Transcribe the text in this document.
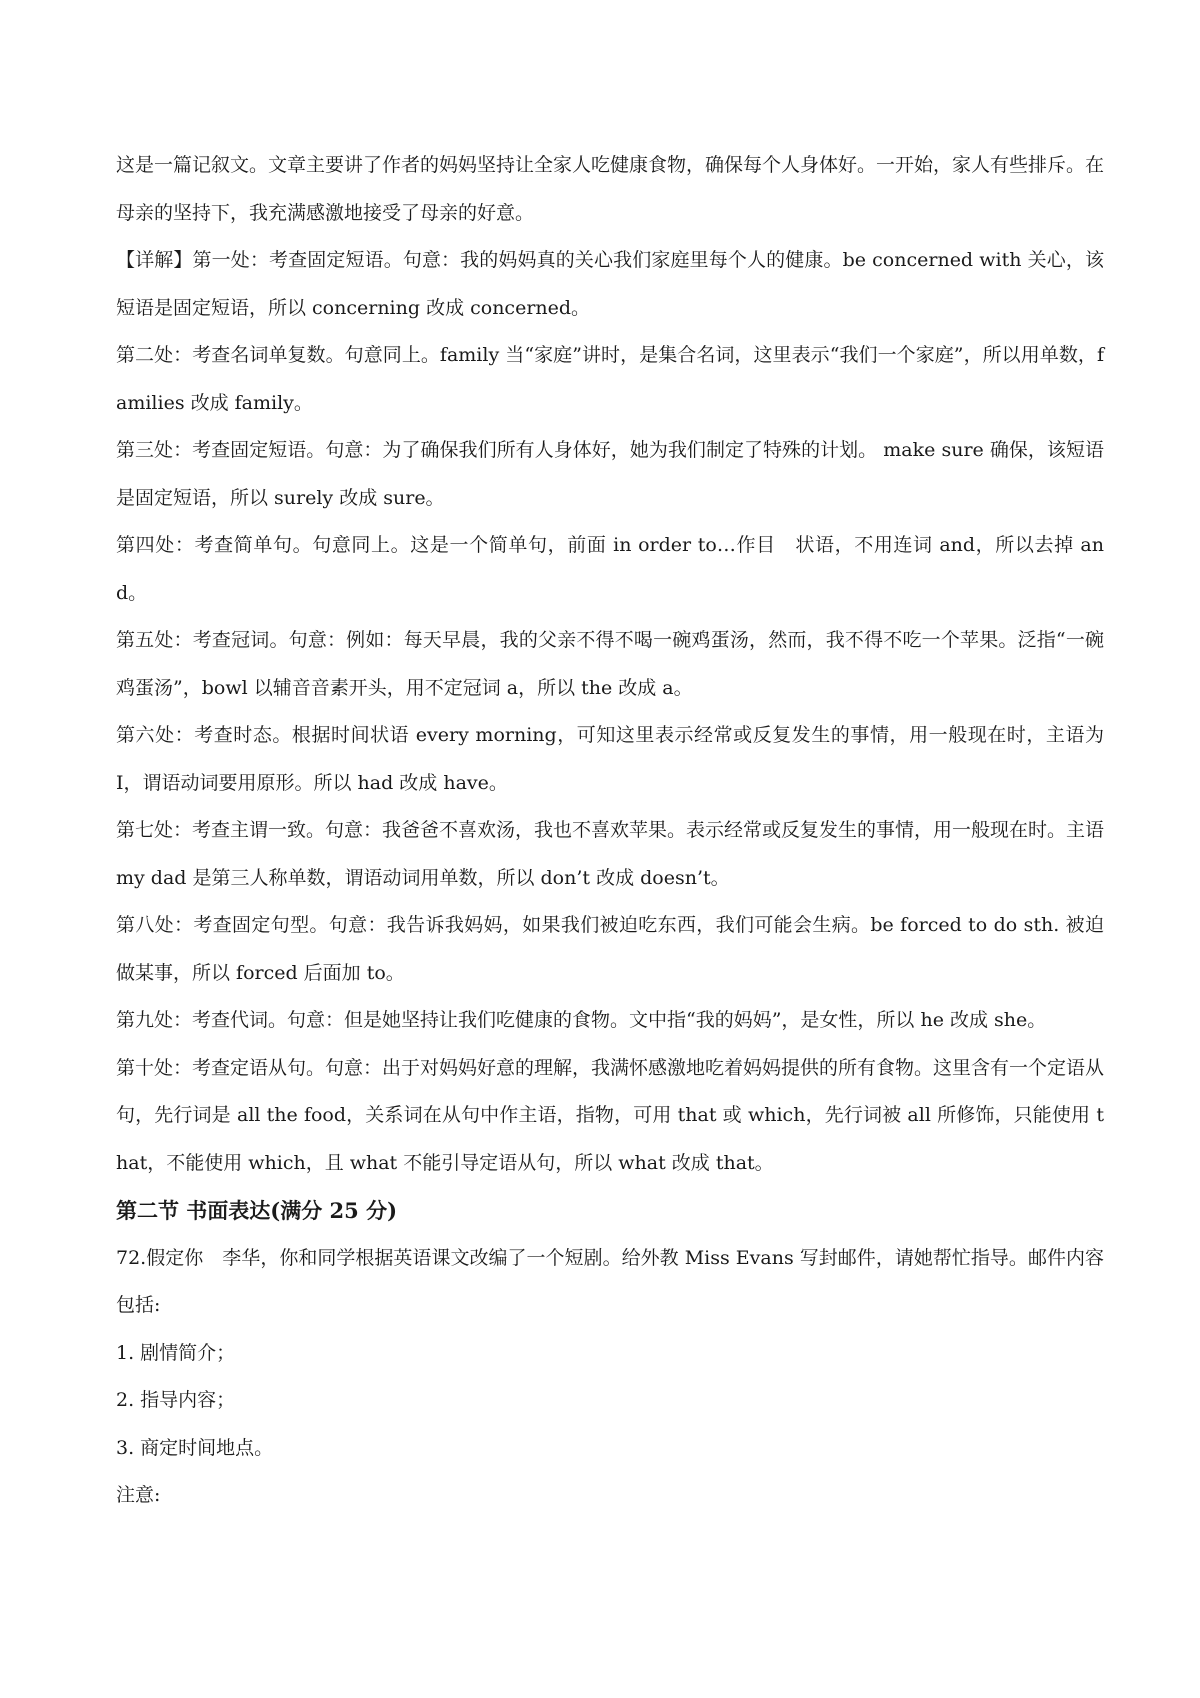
这是一篇记叙文。文章主要讲了作者的妈妈坚持让全家人吃健康食物，确保每个人身体好。一开始，家人有些排斥。在母亲的坚持下，我充满感激地接受了母亲的好意。

【详解】第一处：考查固定短语。句意：我的妈妈真的关心我们家庭里每个人的健康。be concerned with 关心，该短语是固定短语，所以 concerning 改成 concerned。

第二处：考查名词单复数。句意同上。family 当“家庭”讲时，是集合名词，这里表示“我们一个家庭”，所以用单数，families 改成 family。

第三处：考查固定短语。句意：为了确保我们所有人身体好，她为我们制定了特殊的计划。 make sure 确保，该短语是固定短语，所以 surely 改成 sure。

第四处：考查简单句。句意同上。这是一个简单句，前面 in order to…作目　状语，不用连词 and，所以去掉 and。

第五处：考查冠词。句意：例如：每天早晨，我的父亲不得不喝一碗鸡蛋汤，然而，我不得不吃一个苹果。泛指“一碗鸡蛋汤”，bowl 以辅音音素开头，用不定冠词 a，所以 the 改成 a。

第六处：考查时态。根据时间状语 every morning，可知这里表示经常或反复发生的事情，用一般现在时，主语为 I，谓语动词要用原形。所以 had 改成 have。

第七处：考查主谓一致。句意：我爸爸不喜欢汤，我也不喜欢苹果。表示经常或反复发生的事情，用一般现在时。主语 my dad 是第三人称单数，谓语动词用单数，所以 don’t 改成 doesn’t。

第八处：考查固定句型。句意：我告诉我妈妈，如果我们被迫吃东西，我们可能会生病。be forced to do sth. 被迫做某事，所以 forced 后面加 to。

第九处：考查代词。句意：但是她坚持让我们吃健康的食物。文中指“我的妈妈”，是女性，所以 he 改成 she。

第十处：考查定语从句。句意：出于对妈妈好意的理解，我满怀感激地吃着妈妈提供的所有食物。这里含有一个定语从句，先行词是 all the food，关系词在从句中作主语，指物，可用 that 或 which，先行词被 all 所修饰，只能使用 that，不能使用 which，且 what 不能引导定语从句，所以 what 改成 that。

第二节 书面表达(满分 25 分)

72.假定你　李华，你和同学根据英语课文改编了一个短剧。给外教 Miss Evans 写封邮件，请她帮忙指导。邮件内容包括:

1. 剧情简介；

2. 指导内容；

3. 商定时间地点。

注意:
